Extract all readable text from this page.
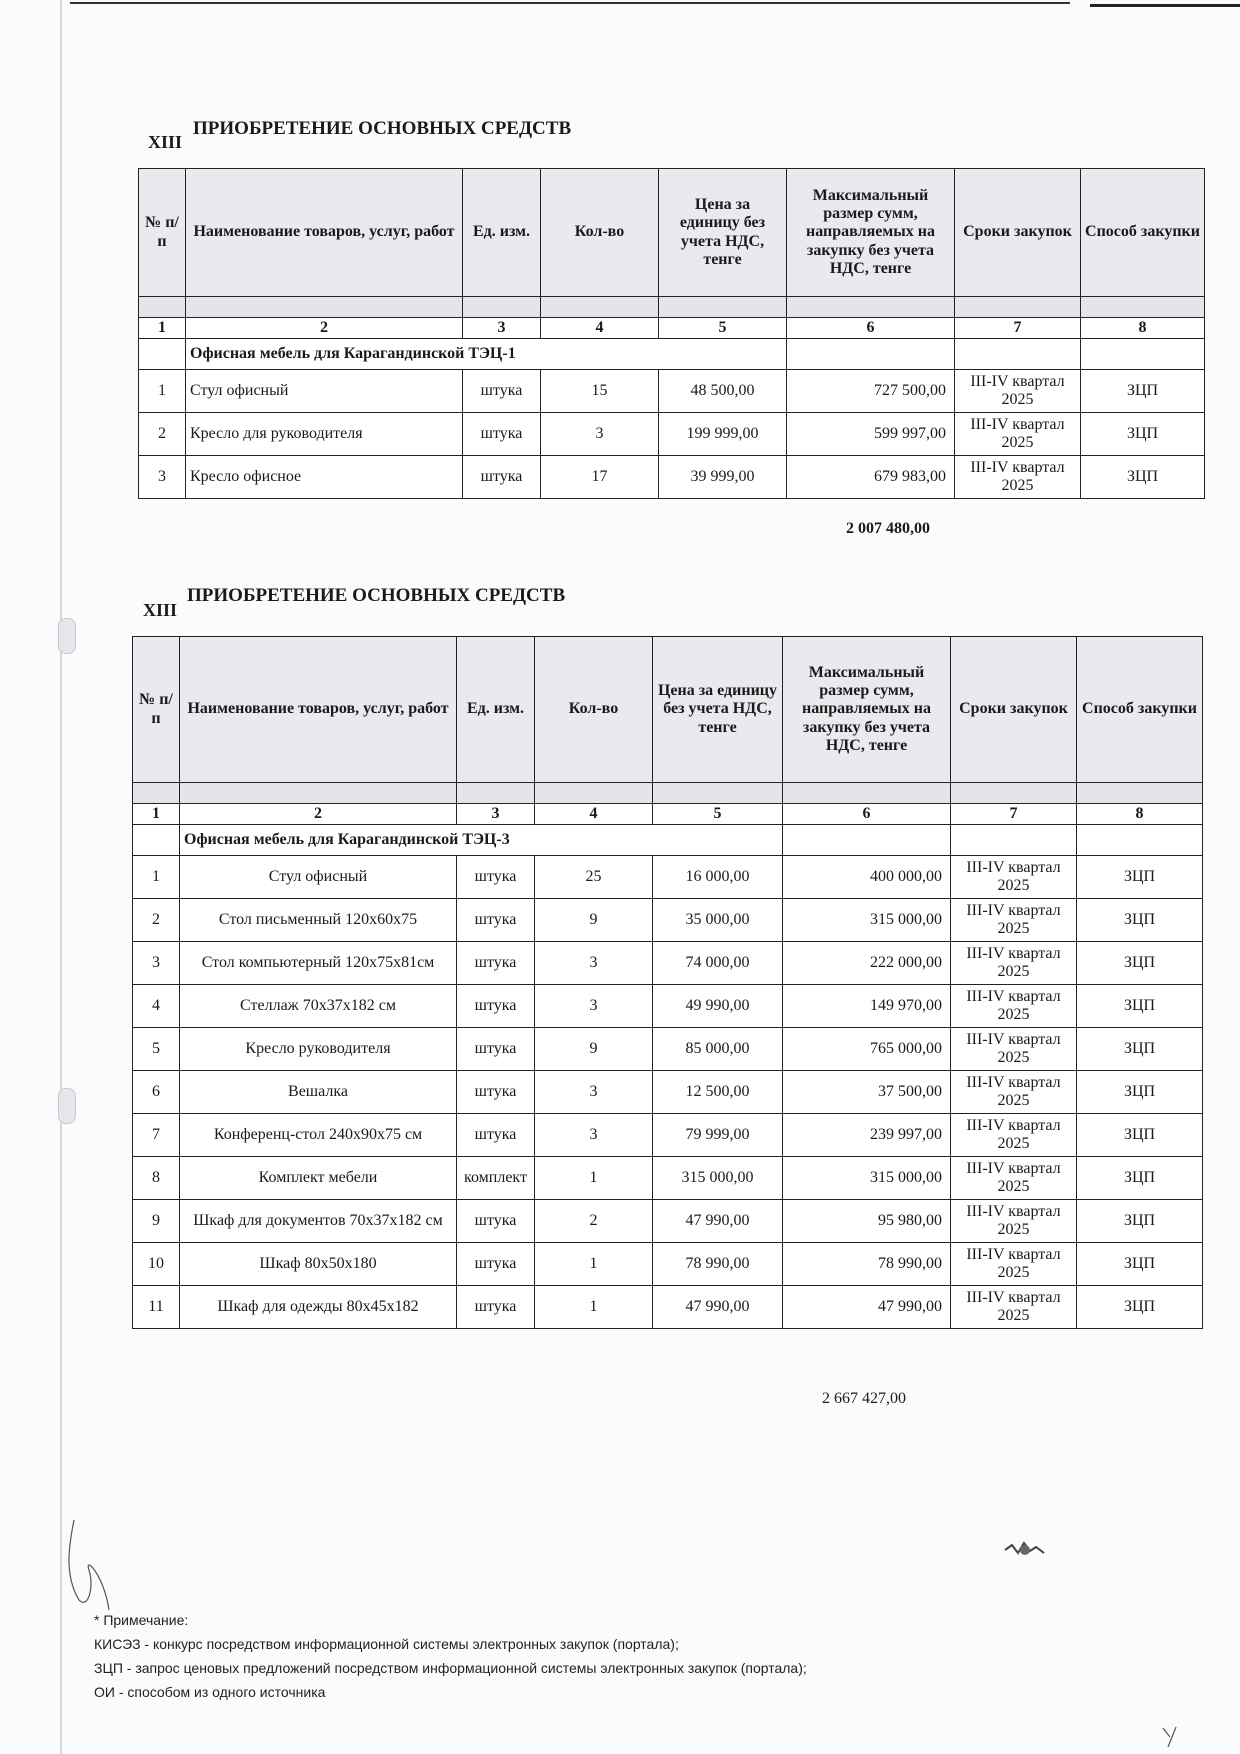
ПРИОБРЕТЕНИЕ ОСНОВНЫХ СРЕДСТВ
XIII
№ п/п	Наименование товаров, услуг, работ	Ед. изм.	Кол-во	Цена за единицу без учета НДС, тенге	Максимальный размер сумм, направляемых на закупку без учета НДС, тенге	Сроки закупок	Способ закупки

1	2	3	4	5	6	7	8
	Офисная мебель для Карагандинской ТЭЦ-1						
1	Стул офисный	штука	15	48 500,00	727 500,00	III-IV квартал 2025	ЗЦП
2	Кресло для руководителя	штука	3	199 999,00	599 997,00	III-IV квартал 2025	ЗЦП
3	Кресло офисное	штука	17	39 999,00	679 983,00	III-IV квартал 2025	ЗЦП
2 007 480,00
ПРИОБРЕТЕНИЕ ОСНОВНЫХ СРЕДСТВ
XIII
№ п/п	Наименование товаров, услуг, работ	Ед. изм.	Кол-во	Цена за единицу без учета НДС, тенге	Максимальный размер сумм, направляемых на закупку без учета НДС, тенге	Сроки закупок	Способ закупки

1	2	3	4	5	6	7	8
	Офисная мебель для Карагандинской ТЭЦ-3						
1	Стул офисный	штука	25	16 000,00	400 000,00	III-IV квартал 2025	ЗЦП
2	Стол письменный 120х60х75	штука	9	35 000,00	315 000,00	III-IV квартал 2025	ЗЦП
3	Стол компьютерный 120х75х81см	штука	3	74 000,00	222 000,00	III-IV квартал 2025	ЗЦП
4	Стеллаж 70х37х182 см	штука	3	49 990,00	149 970,00	III-IV квартал 2025	ЗЦП
5	Кресло руководителя	штука	9	85 000,00	765 000,00	III-IV квартал 2025	ЗЦП
6	Вешалка	штука	3	12 500,00	37 500,00	III-IV квартал 2025	ЗЦП
7	Конференц-стол 240х90х75 см	штука	3	79 999,00	239 997,00	III-IV квартал 2025	ЗЦП
8	Комплект мебели	комплект	1	315 000,00	315 000,00	III-IV квартал 2025	ЗЦП
9	Шкаф для документов 70х37х182 см	штука	2	47 990,00	95 980,00	III-IV квартал 2025	ЗЦП
10	Шкаф 80х50х180	штука	1	78 990,00	78 990,00	III-IV квартал 2025	ЗЦП
11	Шкаф для одежды 80х45х182	штука	1	47 990,00	47 990,00	III-IV квартал 2025	ЗЦП
2 667 427,00
* Примечание:
КИСЭЗ - конкурс посредством информационной системы электронных закупок (портала);
ЗЦП - запрос ценовых предложений посредством информационной системы электронных закупок (портала);
ОИ - способом из одного источника
